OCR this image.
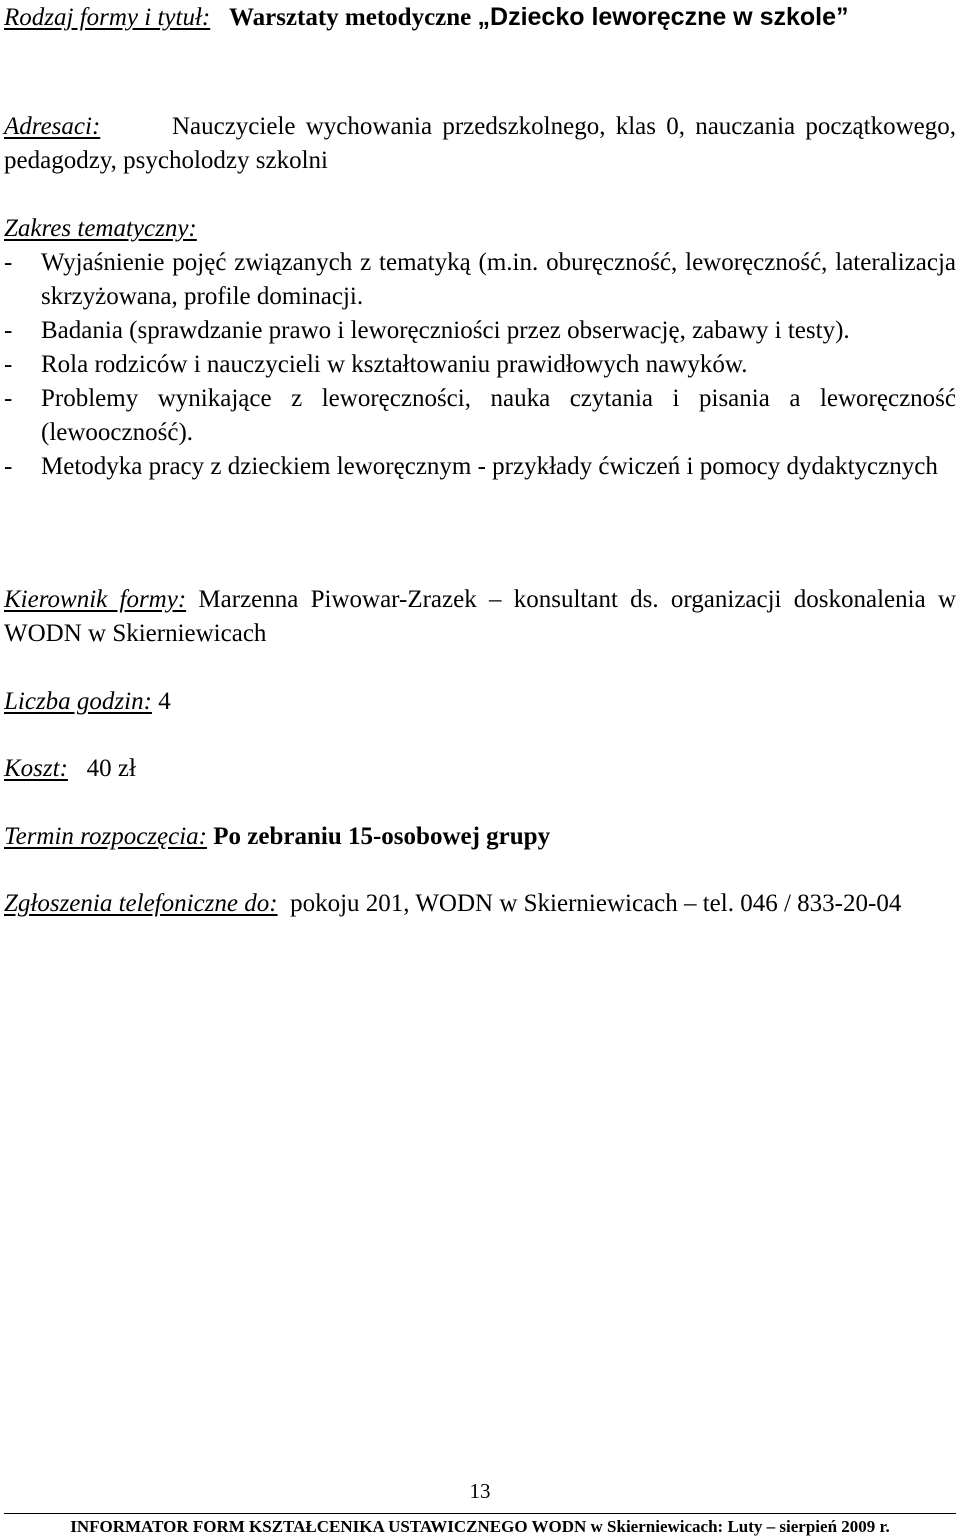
Rodzaj formy i tytuł: Warsztaty metodyczne „Dziecko leworęczne w szkole”

Adresaci:	Nauczyciele wychowania przedszkolnego, klas 0, nauczania początkowego, pedagodzy, psycholodzy szkolni

Zakres tematyczny:
-	Wyjaśnienie pojęć związanych z tematyką (m.in. oburęczność, leworęczność, lateralizacja skrzyżowana, profile dominacji.
-	Badania (sprawdzanie prawo i leworęczniości przez obserwację, zabawy i testy).
-	Rola rodziców i nauczycieli w kształtowaniu prawidłowych nawyków.
-	Problemy wynikające z leworęczności, nauka czytania i pisania a leworęczność (lewooczność).
-	Metodyka pracy z dzieckiem leworęcznym - przykłady ćwiczeń i pomocy dydaktycznych

Kierownik formy: Marzenna Piwowar-Zrazek – konsultant ds. organizacji doskonalenia w WODN w Skierniewicach

Liczba godzin: 4
Koszt: 40 zł
Termin rozpoczęcia: Po zebraniu 15-osobowej grupy

Zgłoszenia telefoniczne do: pokoju 201, WODN w Skierniewicach – tel. 046 / 833-20-04

13
INFORMATOR FORM KSZTAŁCENIKA USTAWICZNEGO WODN w Skierniewicach: Luty – sierpień 2009 r.
